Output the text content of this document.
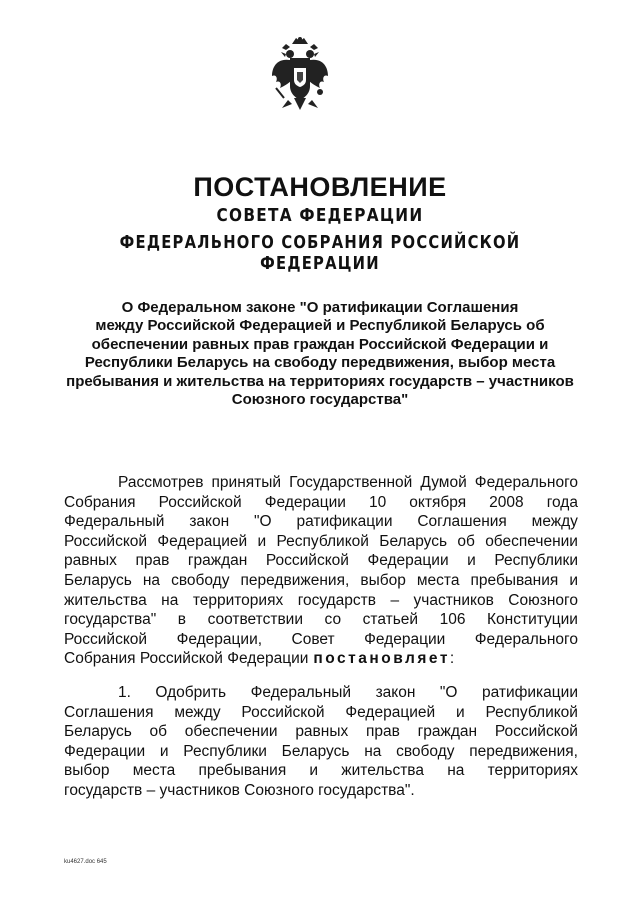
ПОСТАНОВЛЕНИЕ
СОВЕТА ФЕДЕРАЦИИ
ФЕДЕРАЛЬНОГО СОБРАНИЯ РОССИЙСКОЙ ФЕДЕРАЦИИ
О Федеральном законе "О ратификации Соглашения
между Российской Федерацией и Республикой Беларусь об
обеспечении равных прав граждан Российской Федерации и
Республики Беларусь на свободу передвижения, выбор места
пребывания и жительства на территориях государств – участников
Союзного государства"
Рассмотрев принятый Государственной Думой Федерального
Собрания Российской Федерации 10 октября 2008 года
Федеральный закон "О ратификации Соглашения между
Российской Федерацией и Республикой Беларусь об обеспечении
равных прав граждан Российской Федерации и Республики
Беларусь на свободу передвижения, выбор места пребывания и
жительства на территориях государств – участников Союзного
государства" в соответствии со статьей 106 Конституции
Российской Федерации, Совет Федерации Федерального
Собрания Российской Федерации постановляет:
1. Одобрить Федеральный закон "О ратификации
Соглашения между Российской Федерацией и Республикой
Беларусь об обеспечении равных прав граждан Российской
Федерации и Республики Беларусь на свободу передвижения,
выбор места пребывания и жительства на территориях
государств – участников Союзного государства".
ku4627.doc 645
